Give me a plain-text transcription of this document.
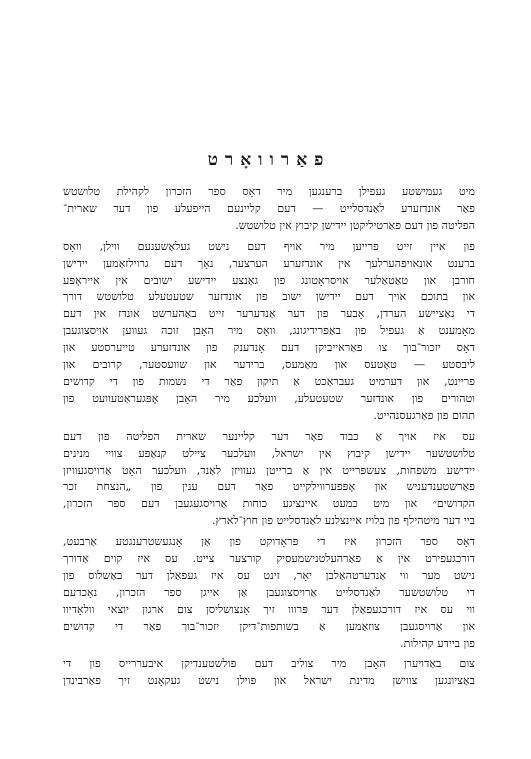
פאַרוואָרט

מיט געמישטע געפילן ברענגען מיר דאָס ספר הזכרון לקהילת טלושטש
פאַר אונדזערע לאַנדסלייט — דעם קליינעם הייפעלע פון דער שארית־
הפליטה פון דעם פאַרטיליקטן יידישן קיבוץ אין טלושטש.

פון איין זייט פרייען מיר אויף דעם נישט געלאַשענעם ווילן, וואָס
ברענט אונאויפהערלעך אין אונדזערע הערצער, נאָך דעם גרוילזאַמען יידישן
חורבן און טאַטאַלער אויסראָטונג פון גאַנצע יידישע ישובים אין אייראָפּע
און בתוכם אויך דעם יידישן ישוב פון אונדזער שטעטעלע טלושטש דורך
די נאַציישע הערדן, אָבער פון דער אַנדערער זייט באַהערשט אונדז אין דעם
מאָמענט אַ געפיל פון באַפרידיגונג, וואָס מיר האָבן זוכה געווען אויסצוגעבן
דאָס יזכור־בוך צו פאַראייביקן דעם אָנדענק פון אונדזערע טייערסטע און
ליבסטע — טאַטעס און מאַמעס, ברידער און שוועסטער, קרובים און
פריינט, און דערמיט געבראַכט אַ תיקון פאַר די נשמות פון די קדושים
וטהורים פון אונדזער שטעטעלע, וועלכע מיר האָבן אָפּגעראַטעוועט פון
תהום פון פאַרגעסנהייט.

עס איז אויך אַ כבוד פאַר דער קליינער שארית הפליטה פון דעם
טלושטשער יידישן קיבוץ אין ישראל, וועלכער ציילט קנאַפּע צוויי מנינים
יידישע משפחות, צעשפּרייט אין אַ ברייטן געוויזן לאַנד, וועלכער האָט אַרויסגעוויזן
פאַרשטענדעניש און אָפּפערווילקייט פאַר דעם ענין פון „הנצחת זכר
הקדושים״ און מיט כמעט איינציגע כוחות אַרויסגעגעבן דעם ספר הזכרון,
ביי דער מיטהילף פון בלויז איינצלנע לאַנדסלייט פון חוץ־לארץ.

דאָס ספר הזכרון איז די פּראָדוקט פון אַן אָנגעשטרענגטע אַרבעט,
דורכגעפירט אין אַ פאַרהעלטנישמעסיק קורצער צייט. עס איז קוים אַדורך
נישט מער ווי אַנדערטהאַלבן יאָר, זינט עס איז געפאַלן דער באַשלוס פון
די טלושטשער לאַנדסלייט אַרויסצוגעבן אַן אייגן ספר הזכרון, נאָכדעם
ווי עס איז דורכגעפאַלן דער פּרווו זיך אָנצושליסן צום ארגון יוצאי וולאָדיוו
און אַרויסגעבן צוזאַמען אַ בשותפות־דיקן יזכור־בוך פאַר די קדושים
פון ביידע קהילות.

צום באַדויערן האָבן מיר צוליב דעם פּולשטענדיקן איבעררייס פון די
באַציונגען צווישן מדינת ישראל און פּוילן נישט געקאָנט זיך פאַרבינדן
